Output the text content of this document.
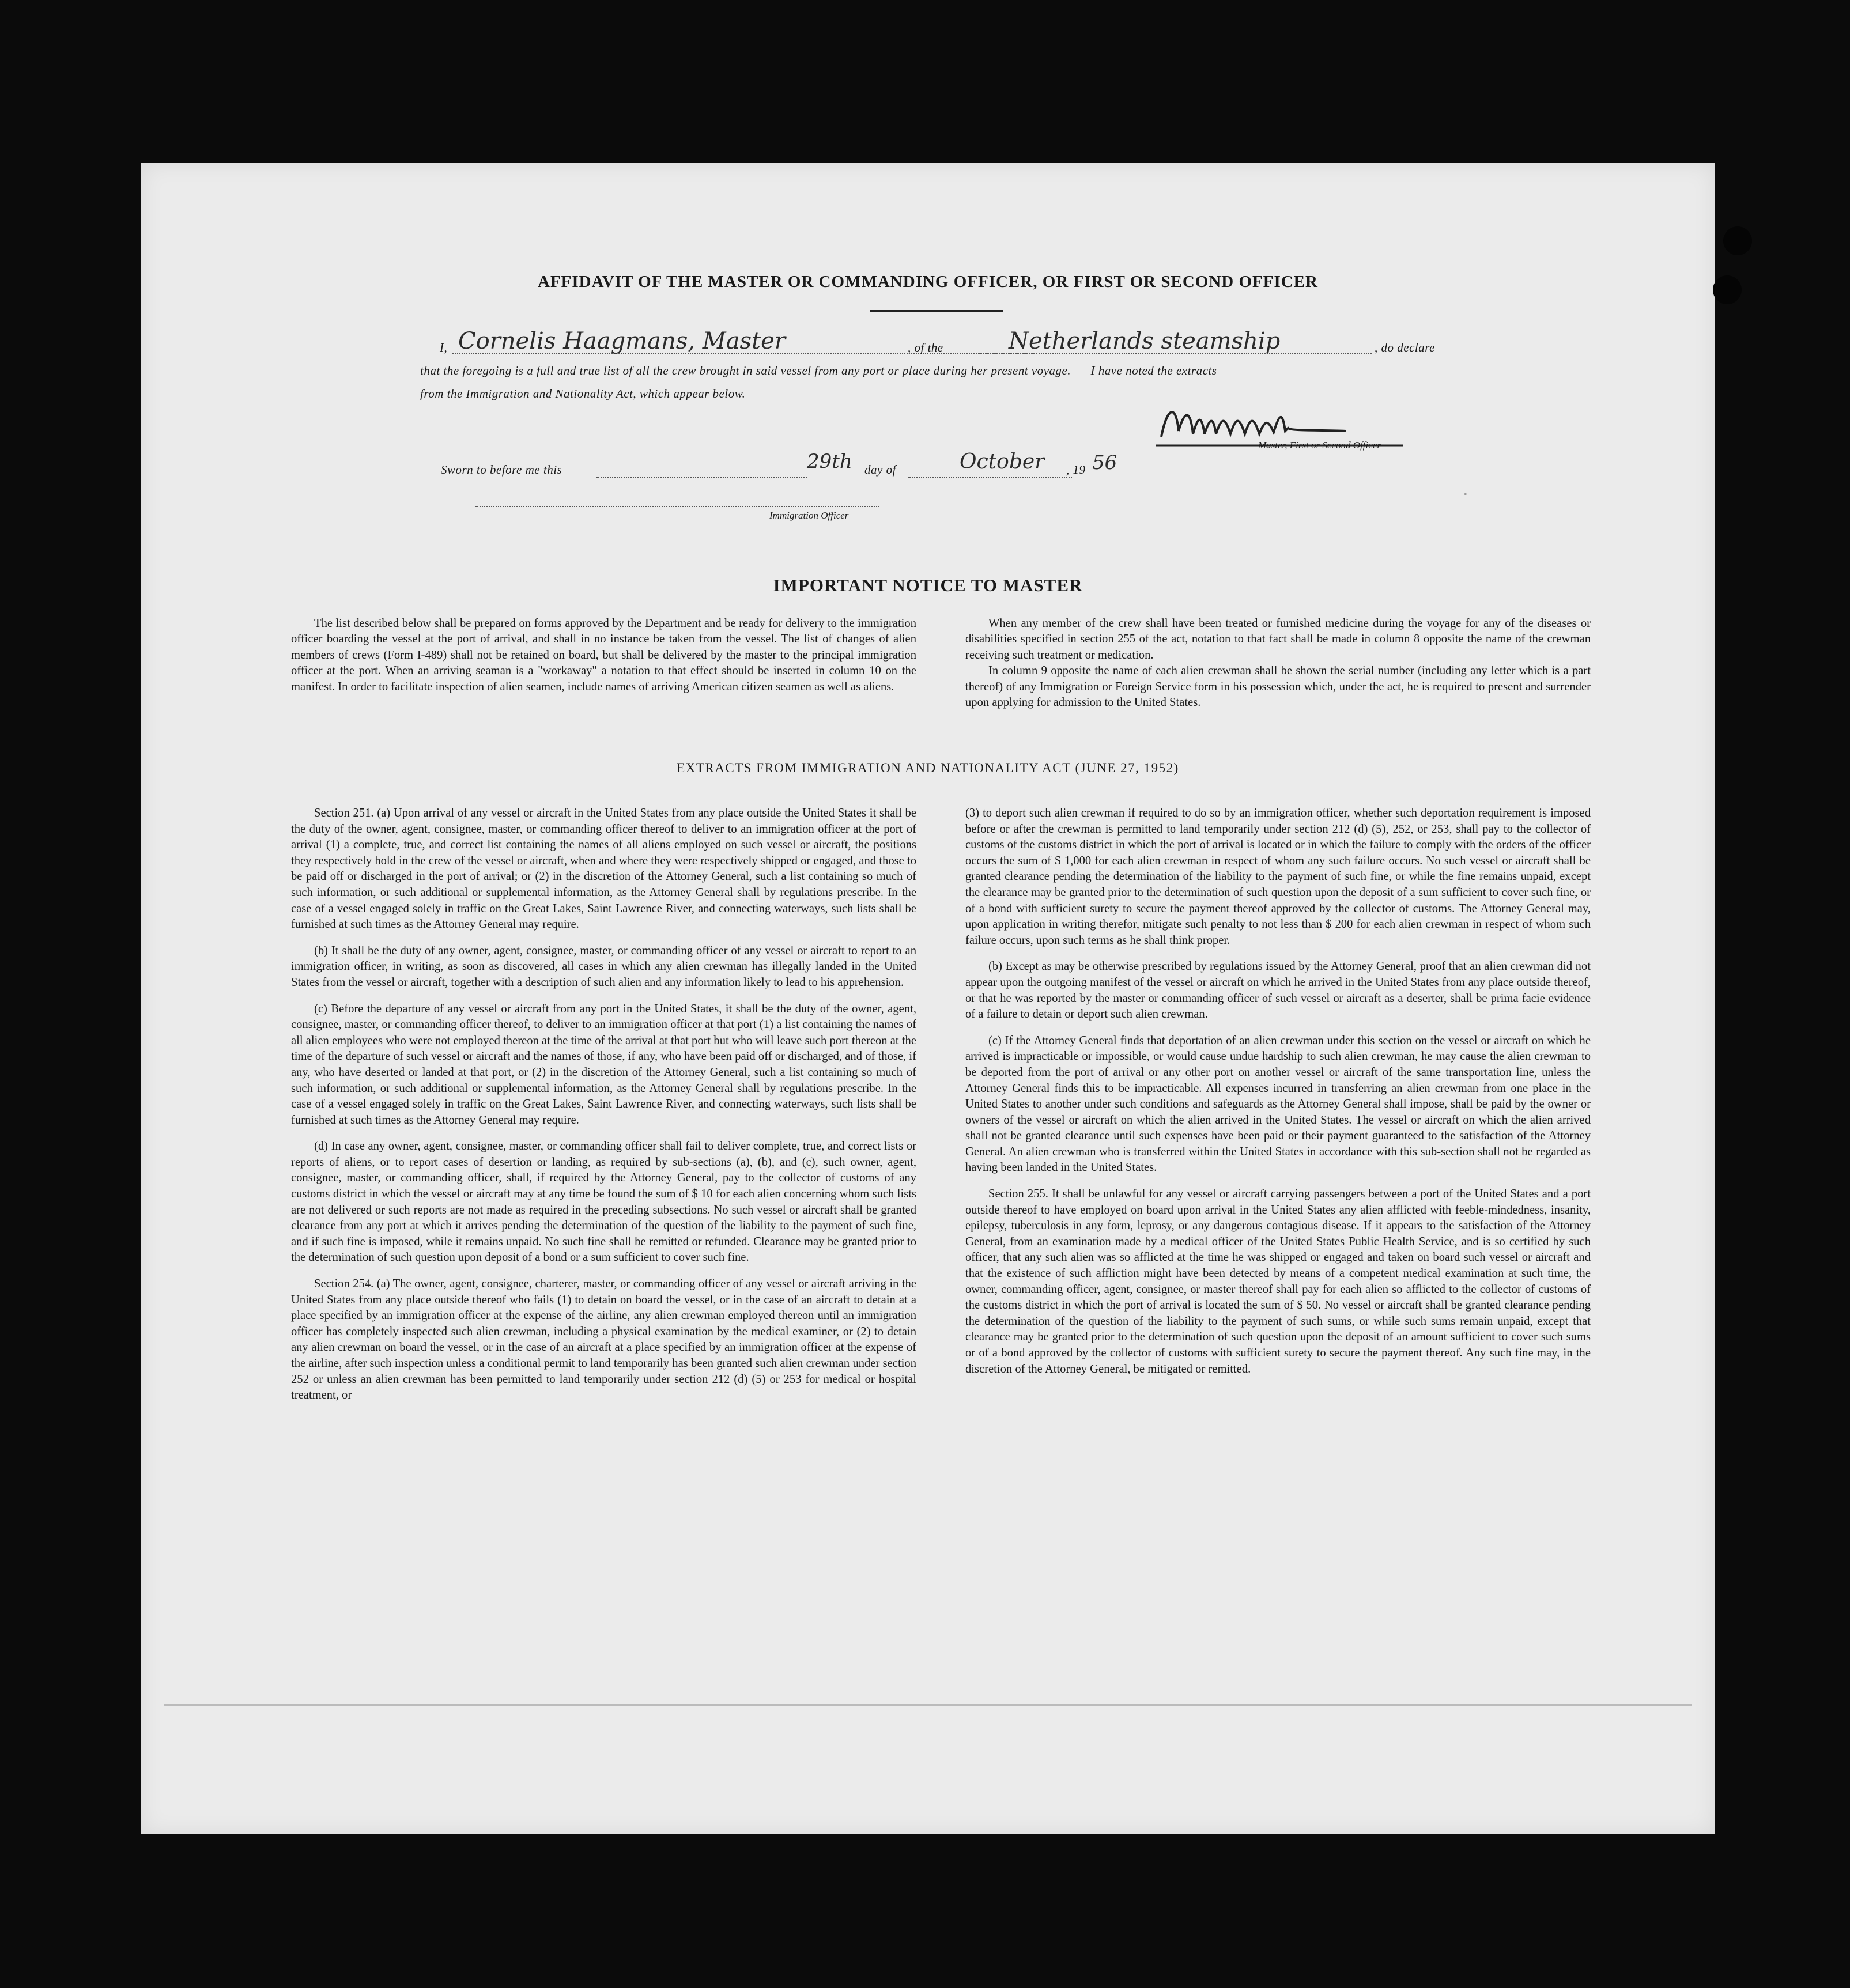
·
AFFIDAVIT OF THE MASTER OR COMMANDING OFFICER, OR FIRST OR SECOND OFFICER
I, Cornelis Haagmans, Master	, of the	Netherlands steamship	, do declare
that the foregoing is a full and true list of all the crew brought in said vessel from any port or place during her present voyage.      I have noted the extracts
from the Immigration and Nationality Act, which appear below.
Master, First or Second Officer
Sworn to before me this	29th day of	October , 19 56
Immigration Officer
IMPORTANT NOTICE TO MASTER

The list described below shall be prepared on forms approved by the Department and be ready for delivery to the immigration officer boarding the vessel at the port of arrival, and shall in no instance be taken from the vessel. The list of changes of alien members of crews (Form I-489) shall not be retained on board, but shall be delivered by the master to the principal immigration officer at the port. When an arriving seaman is a "workaway" a notation to that effect should be inserted in column 10 on the manifest. In order to facilitate inspection of alien seamen, include names of arriving American citizen seamen as well as aliens.

When any member of the crew shall have been treated or furnished medicine during the voyage for any of the diseases or disabilities specified in section 255 of the act, notation to that fact shall be made in column 8 opposite the name of the crewman receiving such treatment or medication.

In column 9 opposite the name of each alien crewman shall be shown the serial number (including any letter which is a part thereof) of any Immigration or Foreign Service form in his possession which, under the act, he is required to present and surrender upon applying for admission to the United States.

EXTRACTS FROM IMMIGRATION AND NATIONALITY ACT (JUNE 27, 1952)

Section 251. (a) Upon arrival of any vessel or aircraft in the United States from any place outside the United States it shall be the duty of the owner, agent, consignee, master, or commanding officer thereof to deliver to an immigration officer at the port of arrival (1) a complete, true, and correct list containing the names of all aliens employed on such vessel or aircraft, the positions they respectively hold in the crew of the vessel or aircraft, when and where they were respectively shipped or engaged, and those to be paid off or discharged in the port of arrival; or (2) in the discretion of the Attorney General, such a list containing so much of such information, or such additional or supplemental information, as the Attorney General shall by regulations prescribe. In the case of a vessel engaged solely in traffic on the Great Lakes, Saint Lawrence River, and connecting waterways, such lists shall be furnished at such times as the Attorney General may require.

(b) It shall be the duty of any owner, agent, consignee, master, or commanding officer of any vessel or aircraft to report to an immigration officer, in writing, as soon as discovered, all cases in which any alien crewman has illegally landed in the United States from the vessel or aircraft, together with a description of such alien and any information likely to lead to his apprehension.

(c) Before the departure of any vessel or aircraft from any port in the United States, it shall be the duty of the owner, agent, consignee, master, or commanding officer thereof, to deliver to an immigration officer at that port (1) a list containing the names of all alien employees who were not employed thereon at the time of the arrival at that port but who will leave such port thereon at the time of the departure of such vessel or aircraft and the names of those, if any, who have been paid off or discharged, and of those, if any, who have deserted or landed at that port, or (2) in the discretion of the Attorney General, such a list containing so much of such information, or such additional or supplemental information, as the Attorney General shall by regulations prescribe. In the case of a vessel engaged solely in traffic on the Great Lakes, Saint Lawrence River, and connecting waterways, such lists shall be furnished at such times as the Attorney General may require.

(d) In case any owner, agent, consignee, master, or commanding officer shall fail to deliver complete, true, and correct lists or reports of aliens, or to report cases of desertion or landing, as required by sub-sections (a), (b), and (c), such owner, agent, consignee, master, or commanding officer, shall, if required by the Attorney General, pay to the collector of customs of any customs district in which the vessel or aircraft may at any time be found the sum of $ 10 for each alien concerning whom such lists are not delivered or such reports are not made as required in the preceding subsections. No such vessel or aircraft shall be granted clearance from any port at which it arrives pending the determination of the question of the liability to the payment of such fine, and if such fine is imposed, while it remains unpaid. No such fine shall be remitted or refunded. Clearance may be granted prior to the determination of such question upon deposit of a bond or a sum sufficient to cover such fine.

Section 254. (a) The owner, agent, consignee, charterer, master, or commanding officer of any vessel or aircraft arriving in the United States from any place outside thereof who fails (1) to detain on board the vessel, or in the case of an aircraft to detain at a place specified by an immigration officer at the expense of the airline, any alien crewman employed thereon until an immigration officer has completely inspected such alien crewman, including a physical examination by the medical examiner, or (2) to detain any alien crewman on board the vessel, or in the case of an aircraft at a place specified by an immigration officer at the expense of the airline, after such inspection unless a conditional permit to land temporarily has been granted such alien crewman under section 252 or unless an alien crewman has been permitted to land temporarily under section 212 (d) (5) or 253 for medical or hospital treatment, or

(3) to deport such alien crewman if required to do so by an immigration officer, whether such deportation requirement is imposed before or after the crewman is permitted to land temporarily under section 212 (d) (5), 252, or 253, shall pay to the collector of customs of the customs district in which the port of arrival is located or in which the failure to comply with the orders of the officer occurs the sum of $ 1,000 for each alien crewman in respect of whom any such failure occurs. No such vessel or aircraft shall be granted clearance pending the determination of the liability to the payment of such fine, or while the fine remains unpaid, except the clearance may be granted prior to the determination of such question upon the deposit of a sum sufficient to cover such fine, or of a bond with sufficient surety to secure the payment thereof approved by the collector of customs. The Attorney General may, upon application in writing therefor, mitigate such penalty to not less than $ 200 for each alien crewman in respect of whom such failure occurs, upon such terms as he shall think proper.

(b) Except as may be otherwise prescribed by regulations issued by the Attorney General, proof that an alien crewman did not appear upon the outgoing manifest of the vessel or aircraft on which he arrived in the United States from any place outside thereof, or that he was reported by the master or commanding officer of such vessel or aircraft as a deserter, shall be prima facie evidence of a failure to detain or deport such alien crewman.

(c) If the Attorney General finds that deportation of an alien crewman under this section on the vessel or aircraft on which he arrived is impracticable or impossible, or would cause undue hardship to such alien crewman, he may cause the alien crewman to be deported from the port of arrival or any other port on another vessel or aircraft of the same transportation line, unless the Attorney General finds this to be impracticable. All expenses incurred in transferring an alien crewman from one place in the United States to another under such conditions and safeguards as the Attorney General shall impose, shall be paid by the owner or owners of the vessel or aircraft on which the alien arrived in the United States. The vessel or aircraft on which the alien arrived shall not be granted clearance until such expenses have been paid or their payment guaranteed to the satisfaction of the Attorney General. An alien crewman who is transferred within the United States in accordance with this sub-section shall not be regarded as having been landed in the United States.

Section 255. It shall be unlawful for any vessel or aircraft carrying passengers between a port of the United States and a port outside thereof to have employed on board upon arrival in the United States any alien afflicted with feeble-mindedness, insanity, epilepsy, tuberculosis in any form, leprosy, or any dangerous contagious disease. If it appears to the satisfaction of the Attorney General, from an examination made by a medical officer of the United States Public Health Service, and is so certified by such officer, that any such alien was so afflicted at the time he was shipped or engaged and taken on board such vessel or aircraft and that the existence of such affliction might have been detected by means of a competent medical examination at such time, the owner, commanding officer, agent, consignee, or master thereof shall pay for each alien so afflicted to the collector of customs of the customs district in which the port of arrival is located the sum of $ 50. No vessel or aircraft shall be granted clearance pending the determination of the question of the liability to the payment of such sums, or while such sums remain unpaid, except that clearance may be granted prior to the determination of such question upon the deposit of an amount sufficient to cover such sums or of a bond approved by the collector of customs with sufficient surety to secure the payment thereof. Any such fine may, in the discretion of the Attorney General, be mitigated or remitted.
